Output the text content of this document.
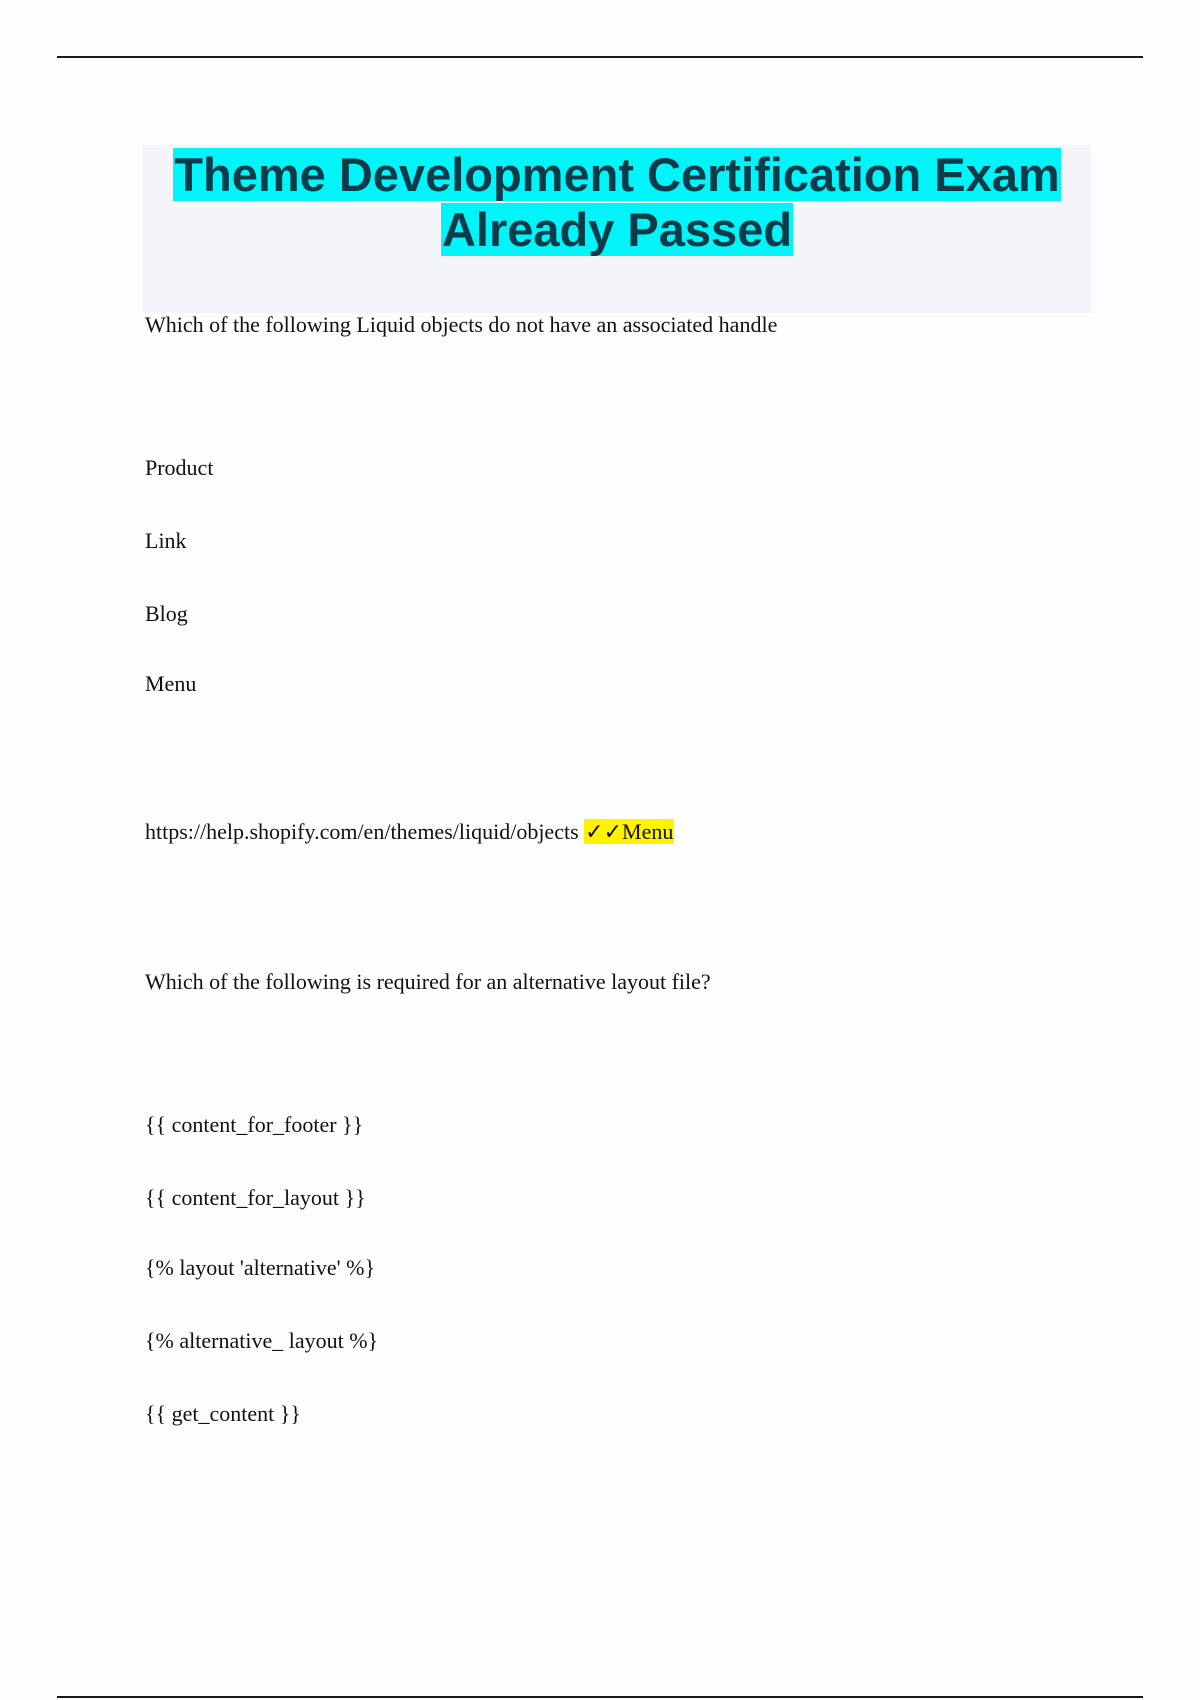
Theme Development Certification Exam
Already Passed

Which of the following Liquid objects do not have an associated handle

Product

Link

Blog

Menu

https://help.shopify.com/en/themes/liquid/objects ✓✓Menu

Which of the following is required for an alternative layout file?

{{ content_for_footer }}

{{ content_for_layout }}

{% layout 'alternative' %}

{% alternative_ layout %}

{{ get_content }}
